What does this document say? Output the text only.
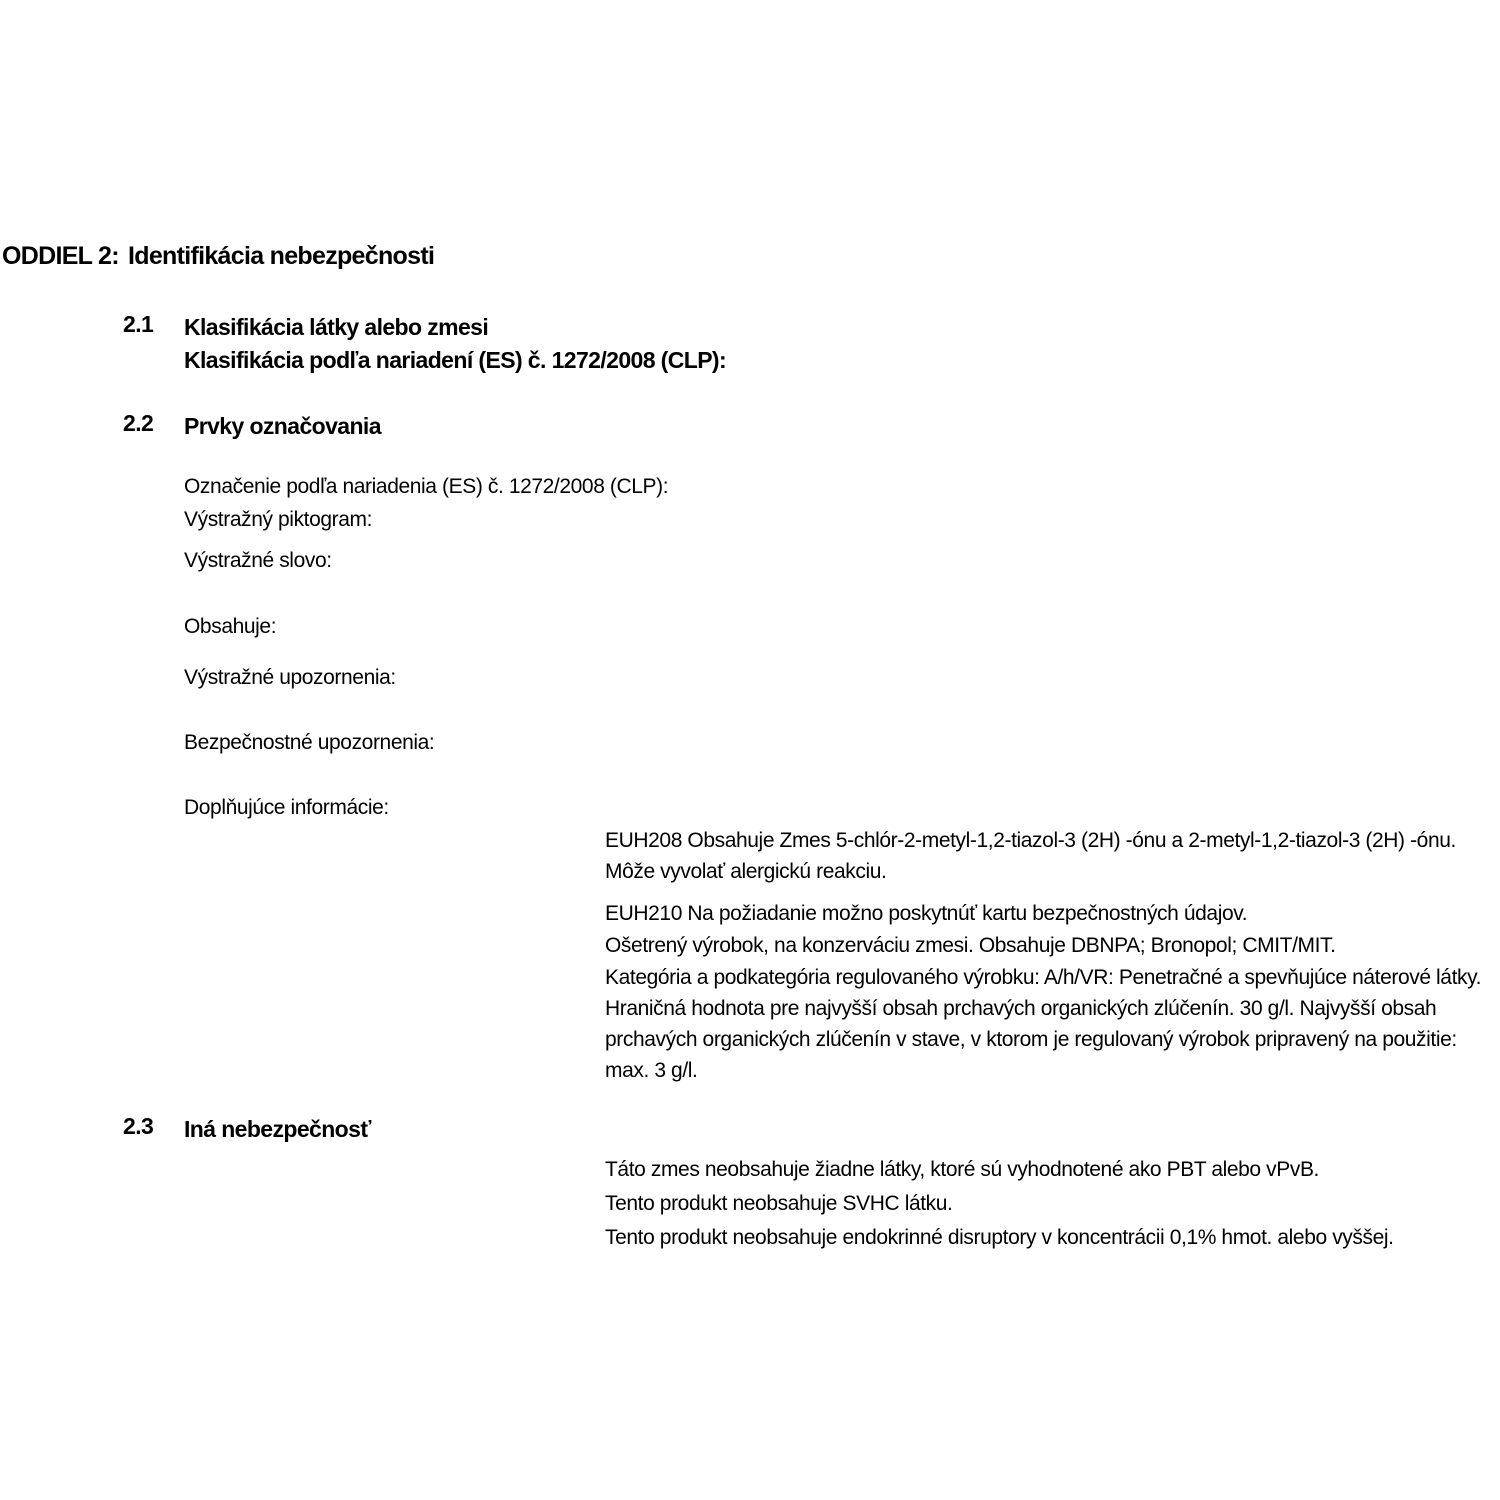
ODDIEL 2: Identifikácia nebezpečnosti
2.1	Klasifikácia látky alebo zmesi
Klasifikácia podľa nariadení (ES) č. 1272/2008 (CLP):
2.2	Prvky označovania
Označenie podľa nariadenia (ES) č. 1272/2008 (CLP):
Výstražný piktogram:
Výstražné slovo:
Obsahuje:
Výstražné upozornenia:
Bezpečnostné upozornenia:
Doplňujúce informácie:
EUH208 Obsahuje Zmes 5-chlór-2-metyl-1,2-tiazol-3 (2H) -ónu a 2-metyl-1,2-tiazol-3 (2H) -ónu. Môže vyvolať alergickú reakciu.
EUH210 Na požiadanie možno poskytnúť kartu bezpečnostných údajov.
Ošetrený výrobok, na konzerváciu zmesi. Obsahuje DBNPA; Bronopol; CMIT/MIT.
Kategória a podkategória regulovaného výrobku: A/h/VR: Penetračné a spevňujúce náterové látky. Hraničná hodnota pre najvyšší obsah prchavých organických zlúčenín. 30 g/l. Najvyšší obsah prchavých organických zlúčenín v stave, v ktorom je regulovaný výrobok pripravený na použitie: max. 3 g/l.
2.3	Iná nebezpečnosť
Táto zmes neobsahuje žiadne látky, ktoré sú vyhodnotené ako PBT alebo vPvB.
Tento produkt neobsahuje SVHC látku.
Tento produkt neobsahuje endokrinné disruptory v koncentrácii 0,1% hmot. alebo vyššej.
